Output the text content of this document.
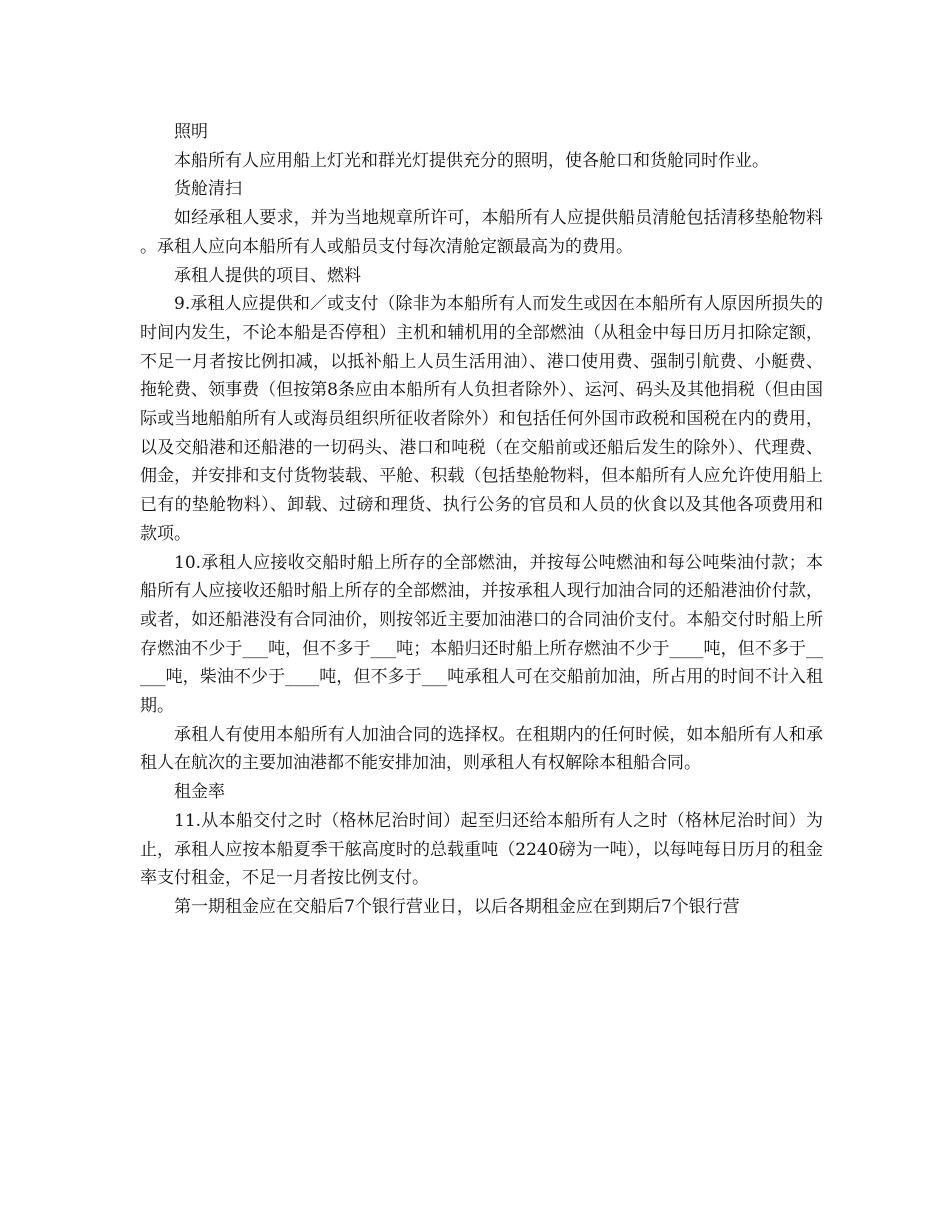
照明

本船所有人应用船上灯光和群光灯提供充分的照明，使各舱口和货舱同时作业。

货舱清扫

如经承租人要求，并为当地规章所许可，本船所有人应提供船员清舱包括清移垫舱物料。承租人应向本船所有人或船员支付每次清舱定额最高为的费用。

承租人提供的项目、燃料

9.承租人应提供和／或支付（除非为本船所有人而发生或因在本船所有人原因所损失的时间内发生，不论本船是否停租）主机和辅机用的全部燃油（从租金中每日历月扣除定额，不足一月者按比例扣减，以抵补船上人员生活用油）、港口使用费、强制引航费、小艇费、拖轮费、领事费（但按第8条应由本船所有人负担者除外）、运河、码头及其他捐税（但由国际或当地船舶所有人或海员组织所征收者除外）和包括任何外国市政税和国税在内的费用，以及交船港和还船港的一切码头、港口和吨税（在交船前或还船后发生的除外）、代理费、佣金，并安排和支付货物装载、平舱、积载（包括垫舱物料，但本船所有人应允许使用船上已有的垫舱物料）、卸载、过磅和理货、执行公务的官员和人员的伙食以及其他各项费用和款项。

10.承租人应接收交船时船上所存的全部燃油，并按每公吨燃油和每公吨柴油付款；本船所有人应接收还船时船上所存的全部燃油，并按承租人现行加油合同的还船港油价付款，或者，如还船港没有合同油价，则按邻近主要加油港口的合同油价支付。本船交付时船上所存燃油不少于___吨，但不多于___吨；本船归还时船上所存燃油不少于____吨，但不多于_____吨，柴油不少于____吨，但不多于___吨承租人可在交船前加油，所占用的时间不计入租期。

承租人有使用本船所有人加油合同的选择权。在租期内的任何时候，如本船所有人和承租人在航次的主要加油港都不能安排加油，则承租人有权解除本租船合同。

租金率

11.从本船交付之时（格林尼治时间）起至归还给本船所有人之时（格林尼治时间）为止，承租人应按本船夏季干舷高度时的总载重吨（2240磅为一吨），以每吨每日历月的租金率支付租金，不足一月者按比例支付。

第一期租金应在交船后7个银行营业日，以后各期租金应在到期后7个银行营
